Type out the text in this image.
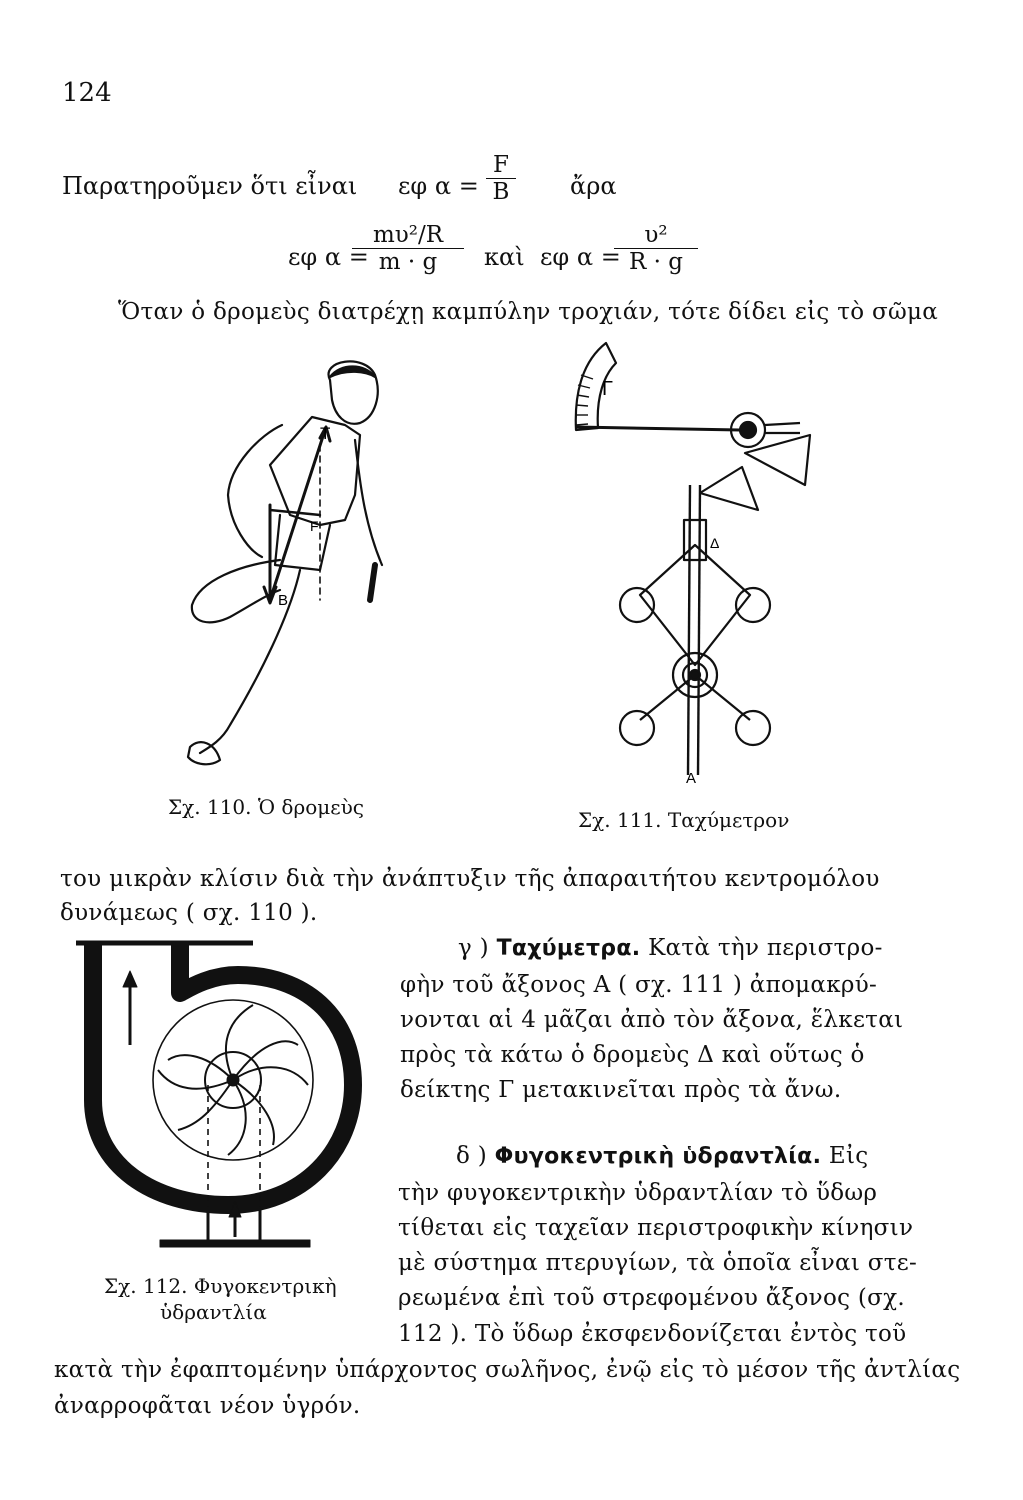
124
Παρατηροῦμεν ὅτι εἶναι εφ $\alpha = \frac{F}{B}$ ἄρα
εφ α =
$\frac{\text{mυ²/R}}{m \cdot g}$ καὶ εφ α =
$\frac{\text{υ²}}{R \cdot g}$
Ὅταν ὁ δρομεὺς διατρέχῃ καμπύλην τροχιάν, τότε δίδει εἰς τὸ σῶμα
T
B
F
Σχ. 110. Ὁ δρομεὺς
Γ
Δ
A
Σχ. 111. Ταχύμετρον
του μικρὰν κλίσιν διὰ τὴν ἀνάπτυξιν τῆς ἀπαραιτήτου κεντρομόλου
δυνάμεως ( σχ. 110 ).
γ ) Ταχύμετρα. Κατὰ τὴν περιστρο-
φὴν τοῦ ἄξονος Α ( σχ. 111 ) ἀπομακρύ-
νονται αἱ 4 μᾶζαι ἀπὸ τὸν ἄξονα, ἕλκεται
πρὸς τὰ κάτω ὁ δρομεὺς Δ καὶ οὕτως ὁ
δείκτης Γ μετακινεῖται πρὸς τὰ ἄνω.
Σχ. 112. Φυγοκεντρικὴ
ὑδραντλία
δ ) Φυγοκεντρικὴ ὑδραντλία. Εἰς
τὴν φυγοκεντρικὴν ὑδραντλίαν τὸ ὕδωρ
τίθεται εἰς ταχεῖαν περιστροφικὴν κίνησιν
μὲ σύστημα πτερυγίων, τὰ ὁποῖα εἶναι στε-
ρεωμένα ἐπὶ τοῦ στρεφομένου ἄξονος (σχ.
112 ). Τὸ ὕδωρ ἐκσφενδονίζεται ἐντὸς τοῦ
κατὰ τὴν ἐφαπτομένην ὑπάρχοντος σωλῆνος, ἐνῷ εἰς τὸ μέσον τῆς ἀντλίας
ἀναρροφᾶται νέον ὑγρόν.
